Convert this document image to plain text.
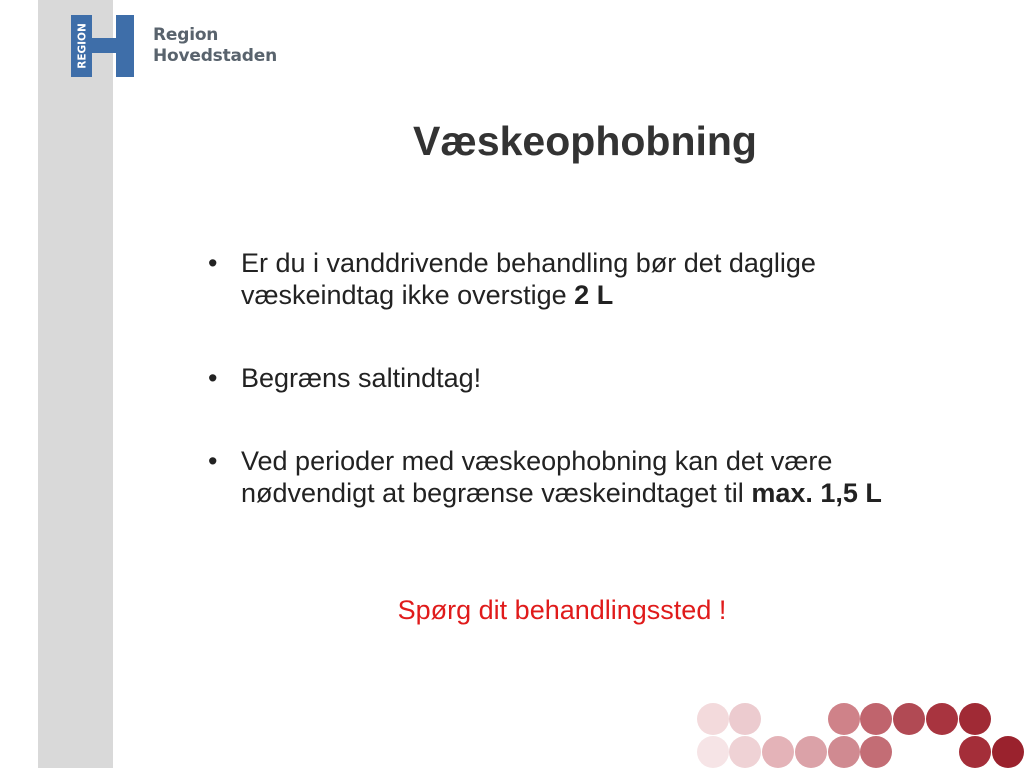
REGION	Region
Hovedstaden
Væskeophobning
• Er du i vanddrivende behandling bør det daglige væskeindtag ikke overstige 2 L
• Begræns saltindtag!
• Ved perioder med væskeophobning kan det være nødvendigt at begrænse væskeindtaget til max. 1,5 L
Spørg dit behandlingssted !
